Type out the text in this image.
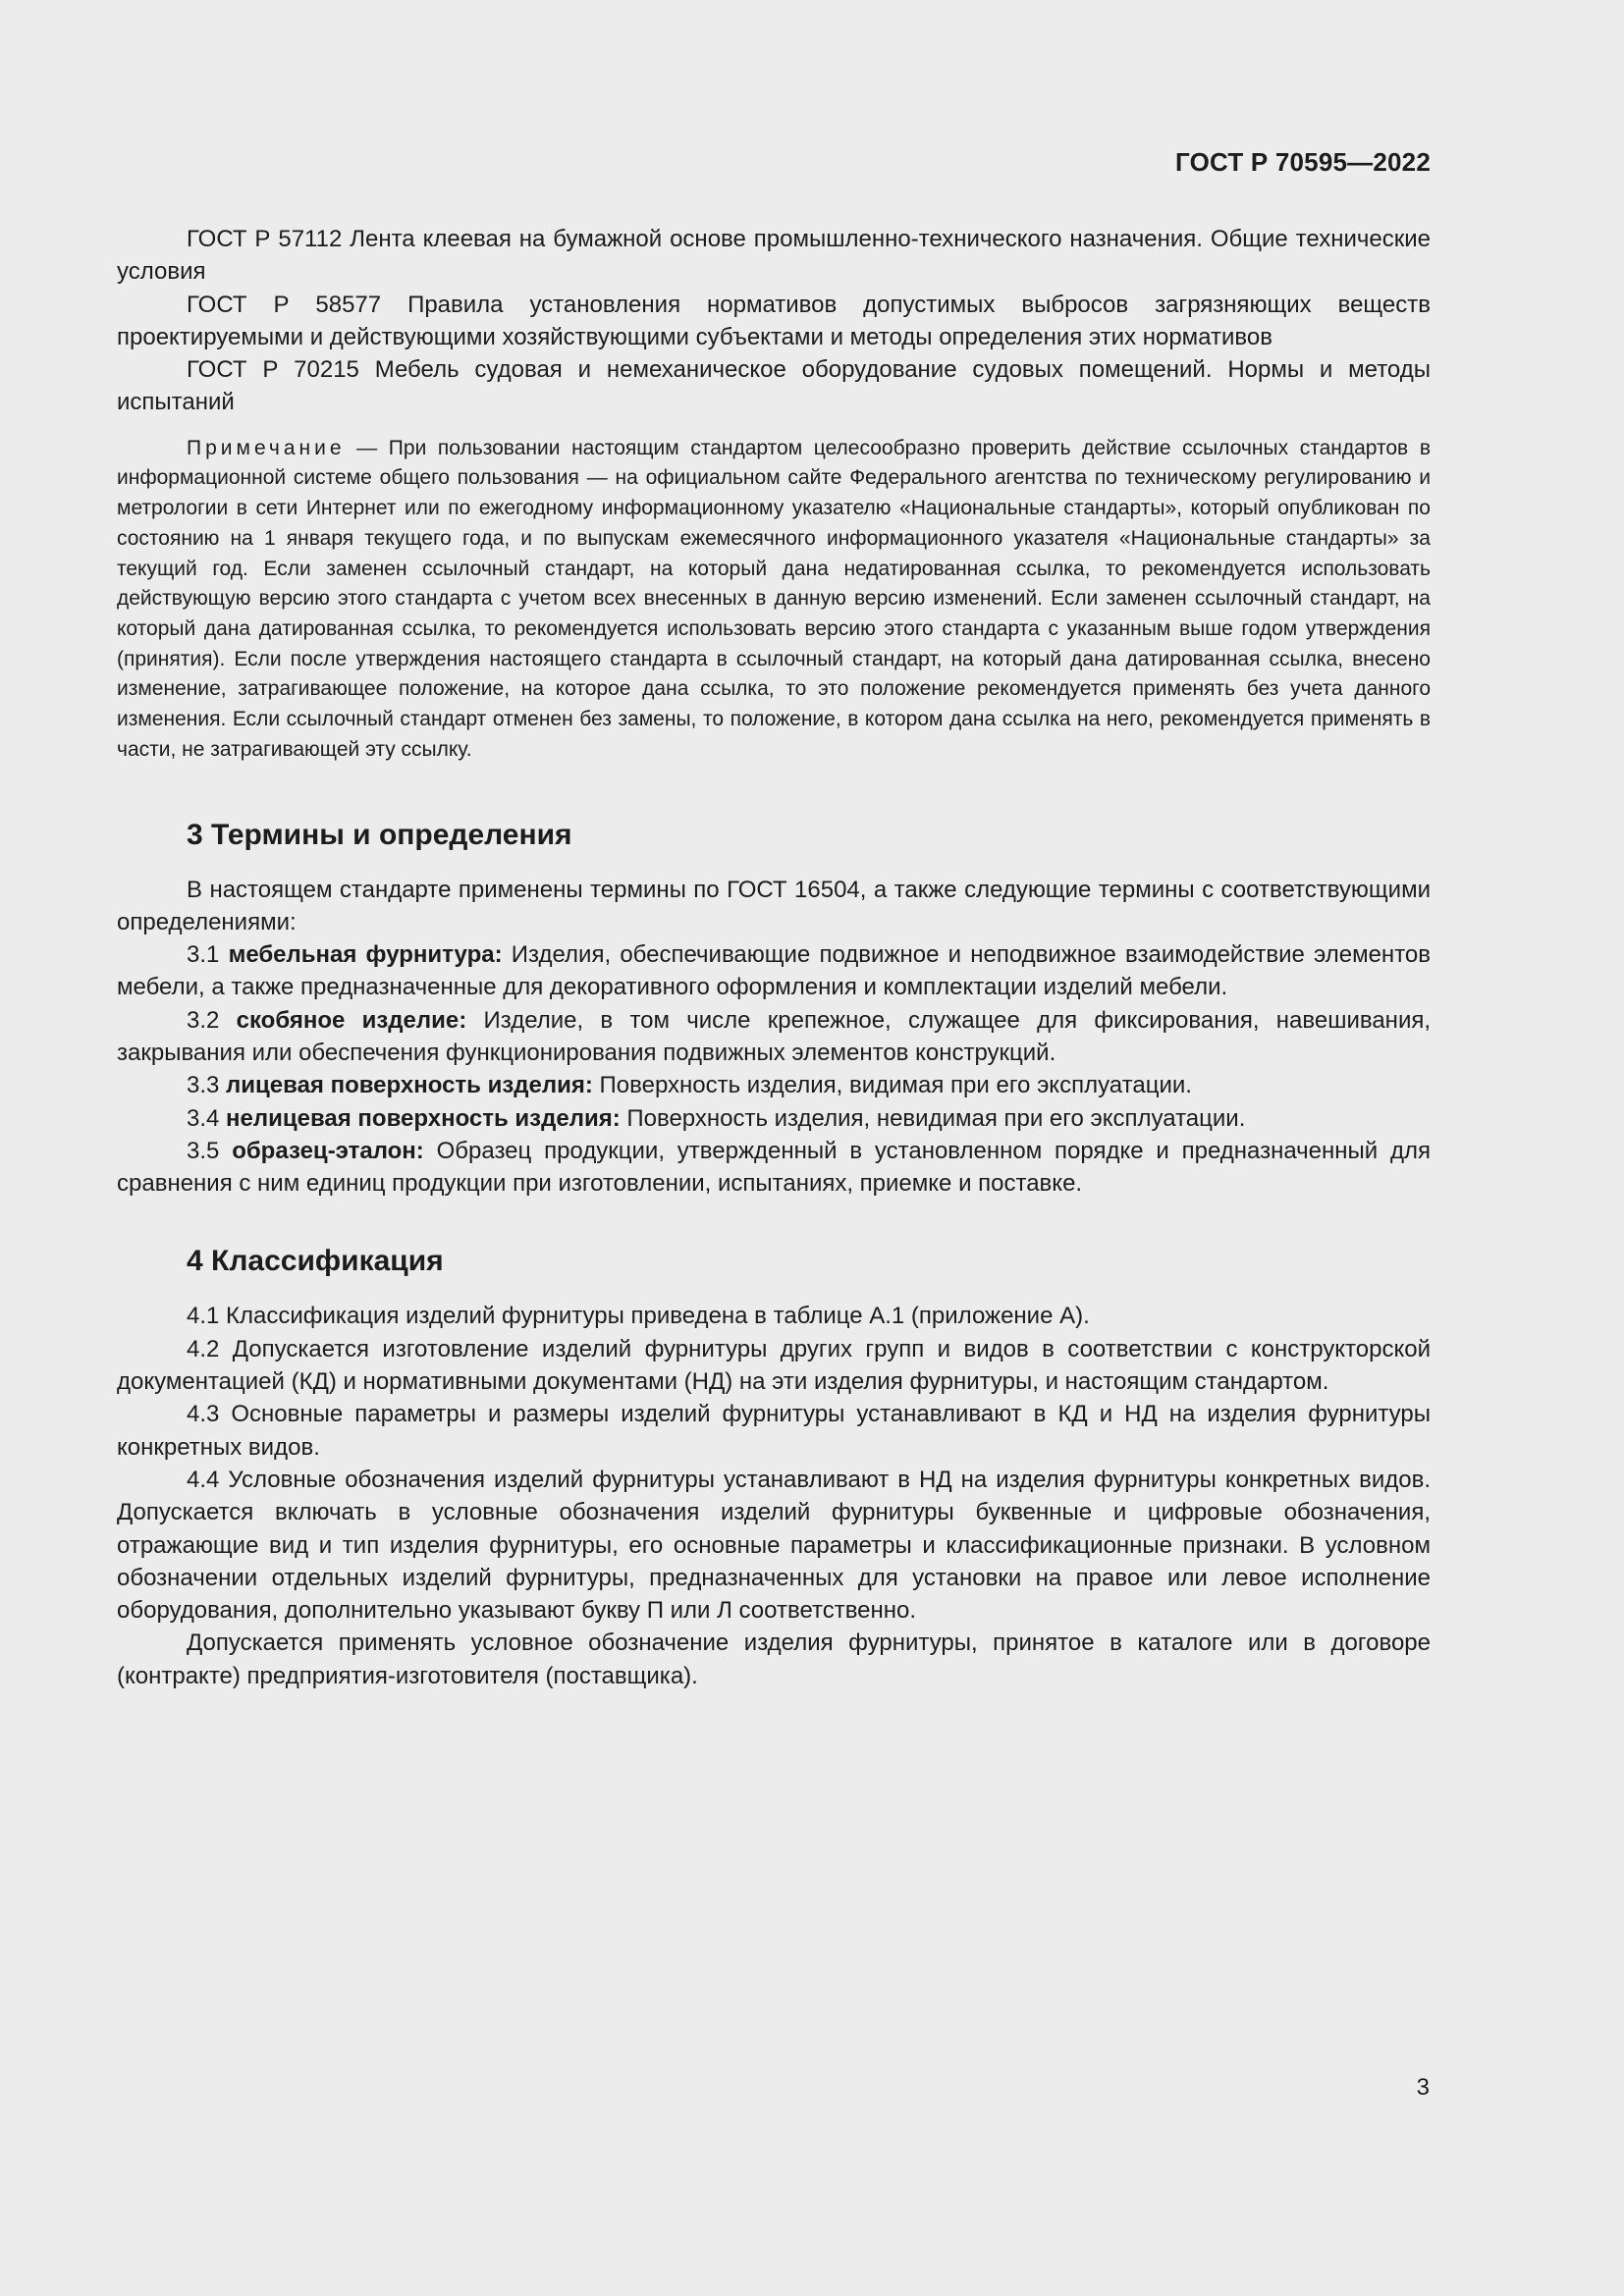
ГОСТ Р 70595—2022

ГОСТ Р 57112 Лента клеевая на бумажной основе промышленно-технического назначения. Общие технические условия

ГОСТ Р 58577 Правила установления нормативов допустимых выбросов загрязняющих веществ проектируемыми и действующими хозяйствующими субъектами и методы определения этих нормативов

ГОСТ Р 70215 Мебель судовая и немеханическое оборудование судовых помещений. Нормы и методы испытаний

Примечание — При пользовании настоящим стандартом целесообразно проверить действие ссылочных стандартов в информационной системе общего пользования — на официальном сайте Федерального агентства по техническому регулированию и метрологии в сети Интернет или по ежегодному информационному указателю «Национальные стандарты», который опубликован по состоянию на 1 января текущего года, и по выпускам ежемесячного информационного указателя «Национальные стандарты» за текущий год. Если заменен ссылочный стандарт, на который дана недатированная ссылка, то рекомендуется использовать действующую версию этого стандарта с учетом всех внесенных в данную версию изменений. Если заменен ссылочный стандарт, на который дана датированная ссылка, то рекомендуется использовать версию этого стандарта с указанным выше годом утверждения (принятия). Если после утверждения настоящего стандарта в ссылочный стандарт, на который дана датированная ссылка, внесено изменение, затрагивающее положение, на которое дана ссылка, то это положение рекомендуется применять без учета данного изменения. Если ссылочный стандарт отменен без замены, то положение, в котором дана ссылка на него, рекомендуется применять в части, не затрагивающей эту ссылку.

3 Термины и определения

В настоящем стандарте применены термины по ГОСТ 16504, а также следующие термины с соответствующими определениями:

3.1 мебельная фурнитура: Изделия, обеспечивающие подвижное и неподвижное взаимодействие элементов мебели, а также предназначенные для декоративного оформления и комплектации изделий мебели.

3.2 скобяное изделие: Изделие, в том числе крепежное, служащее для фиксирования, навешивания, закрывания или обеспечения функционирования подвижных элементов конструкций.

3.3 лицевая поверхность изделия: Поверхность изделия, видимая при его эксплуатации.

3.4 нелицевая поверхность изделия: Поверхность изделия, невидимая при его эксплуатации.

3.5 образец-эталон: Образец продукции, утвержденный в установленном порядке и предназначенный для сравнения с ним единиц продукции при изготовлении, испытаниях, приемке и поставке.

4 Классификация

4.1 Классификация изделий фурнитуры приведена в таблице А.1 (приложение А).

4.2 Допускается изготовление изделий фурнитуры других групп и видов в соответствии с конструкторской документацией (КД) и нормативными документами (НД) на эти изделия фурнитуры, и настоящим стандартом.

4.3 Основные параметры и размеры изделий фурнитуры устанавливают в КД и НД на изделия фурнитуры конкретных видов.

4.4 Условные обозначения изделий фурнитуры устанавливают в НД на изделия фурнитуры конкретных видов. Допускается включать в условные обозначения изделий фурнитуры буквенные и цифровые обозначения, отражающие вид и тип изделия фурнитуры, его основные параметры и классификационные признаки. В условном обозначении отдельных изделий фурнитуры, предназначенных для установки на правое или левое исполнение оборудования, дополнительно указывают букву П или Л соответственно.

Допускается применять условное обозначение изделия фурнитуры, принятое в каталоге или в договоре (контракте) предприятия-изготовителя (поставщика).

3
